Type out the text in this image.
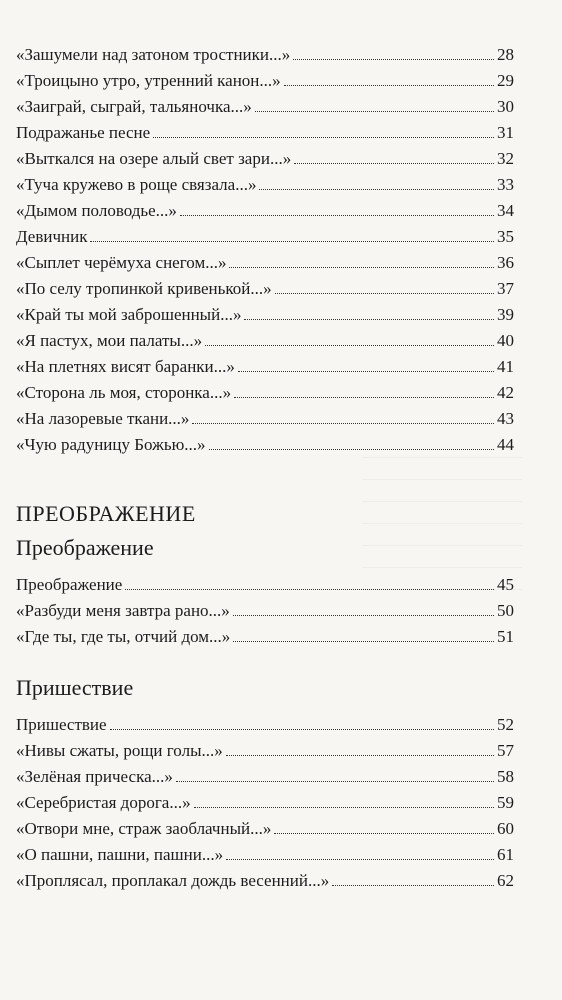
«Зашумели над затоном тростники...»	28
«Троицыно утро, утренний канон...»	29
«Заиграй, сыграй, тальяночка...»	30
Подражанье песне	31
«Выткался на озере алый свет зари...»	32
«Туча кружево в роще связала...»	33
«Дымом половодье...»	34
Девичник	35
«Сыплет черёмуха снегом...»	36
«По селу тропинкой кривенькой...»	37
«Край ты мой заброшенный...»	39
«Я пастух, мои палаты...»	40
«На плетнях висят баранки...»	41
«Сторона ль моя, сторонка...»	42
«На лазоревые ткани...»	43
«Чую радуницу Божью...»	44
ПРЕОБРАЖЕНИЕ
Преображение
Преображение	45
«Разбуди меня завтра рано...»	50
«Где ты, где ты, отчий дом...»	51
Пришествие
Пришествие	52
«Нивы сжаты, рощи голы...»	57
«Зелёная прическа...»	58
«Серебристая дорога...»	59
«Отвори мне, страж заоблачный...»	60
«О пашни, пашни, пашни...»	61
«Проплясал, проплакал дождь весенний...»	62
